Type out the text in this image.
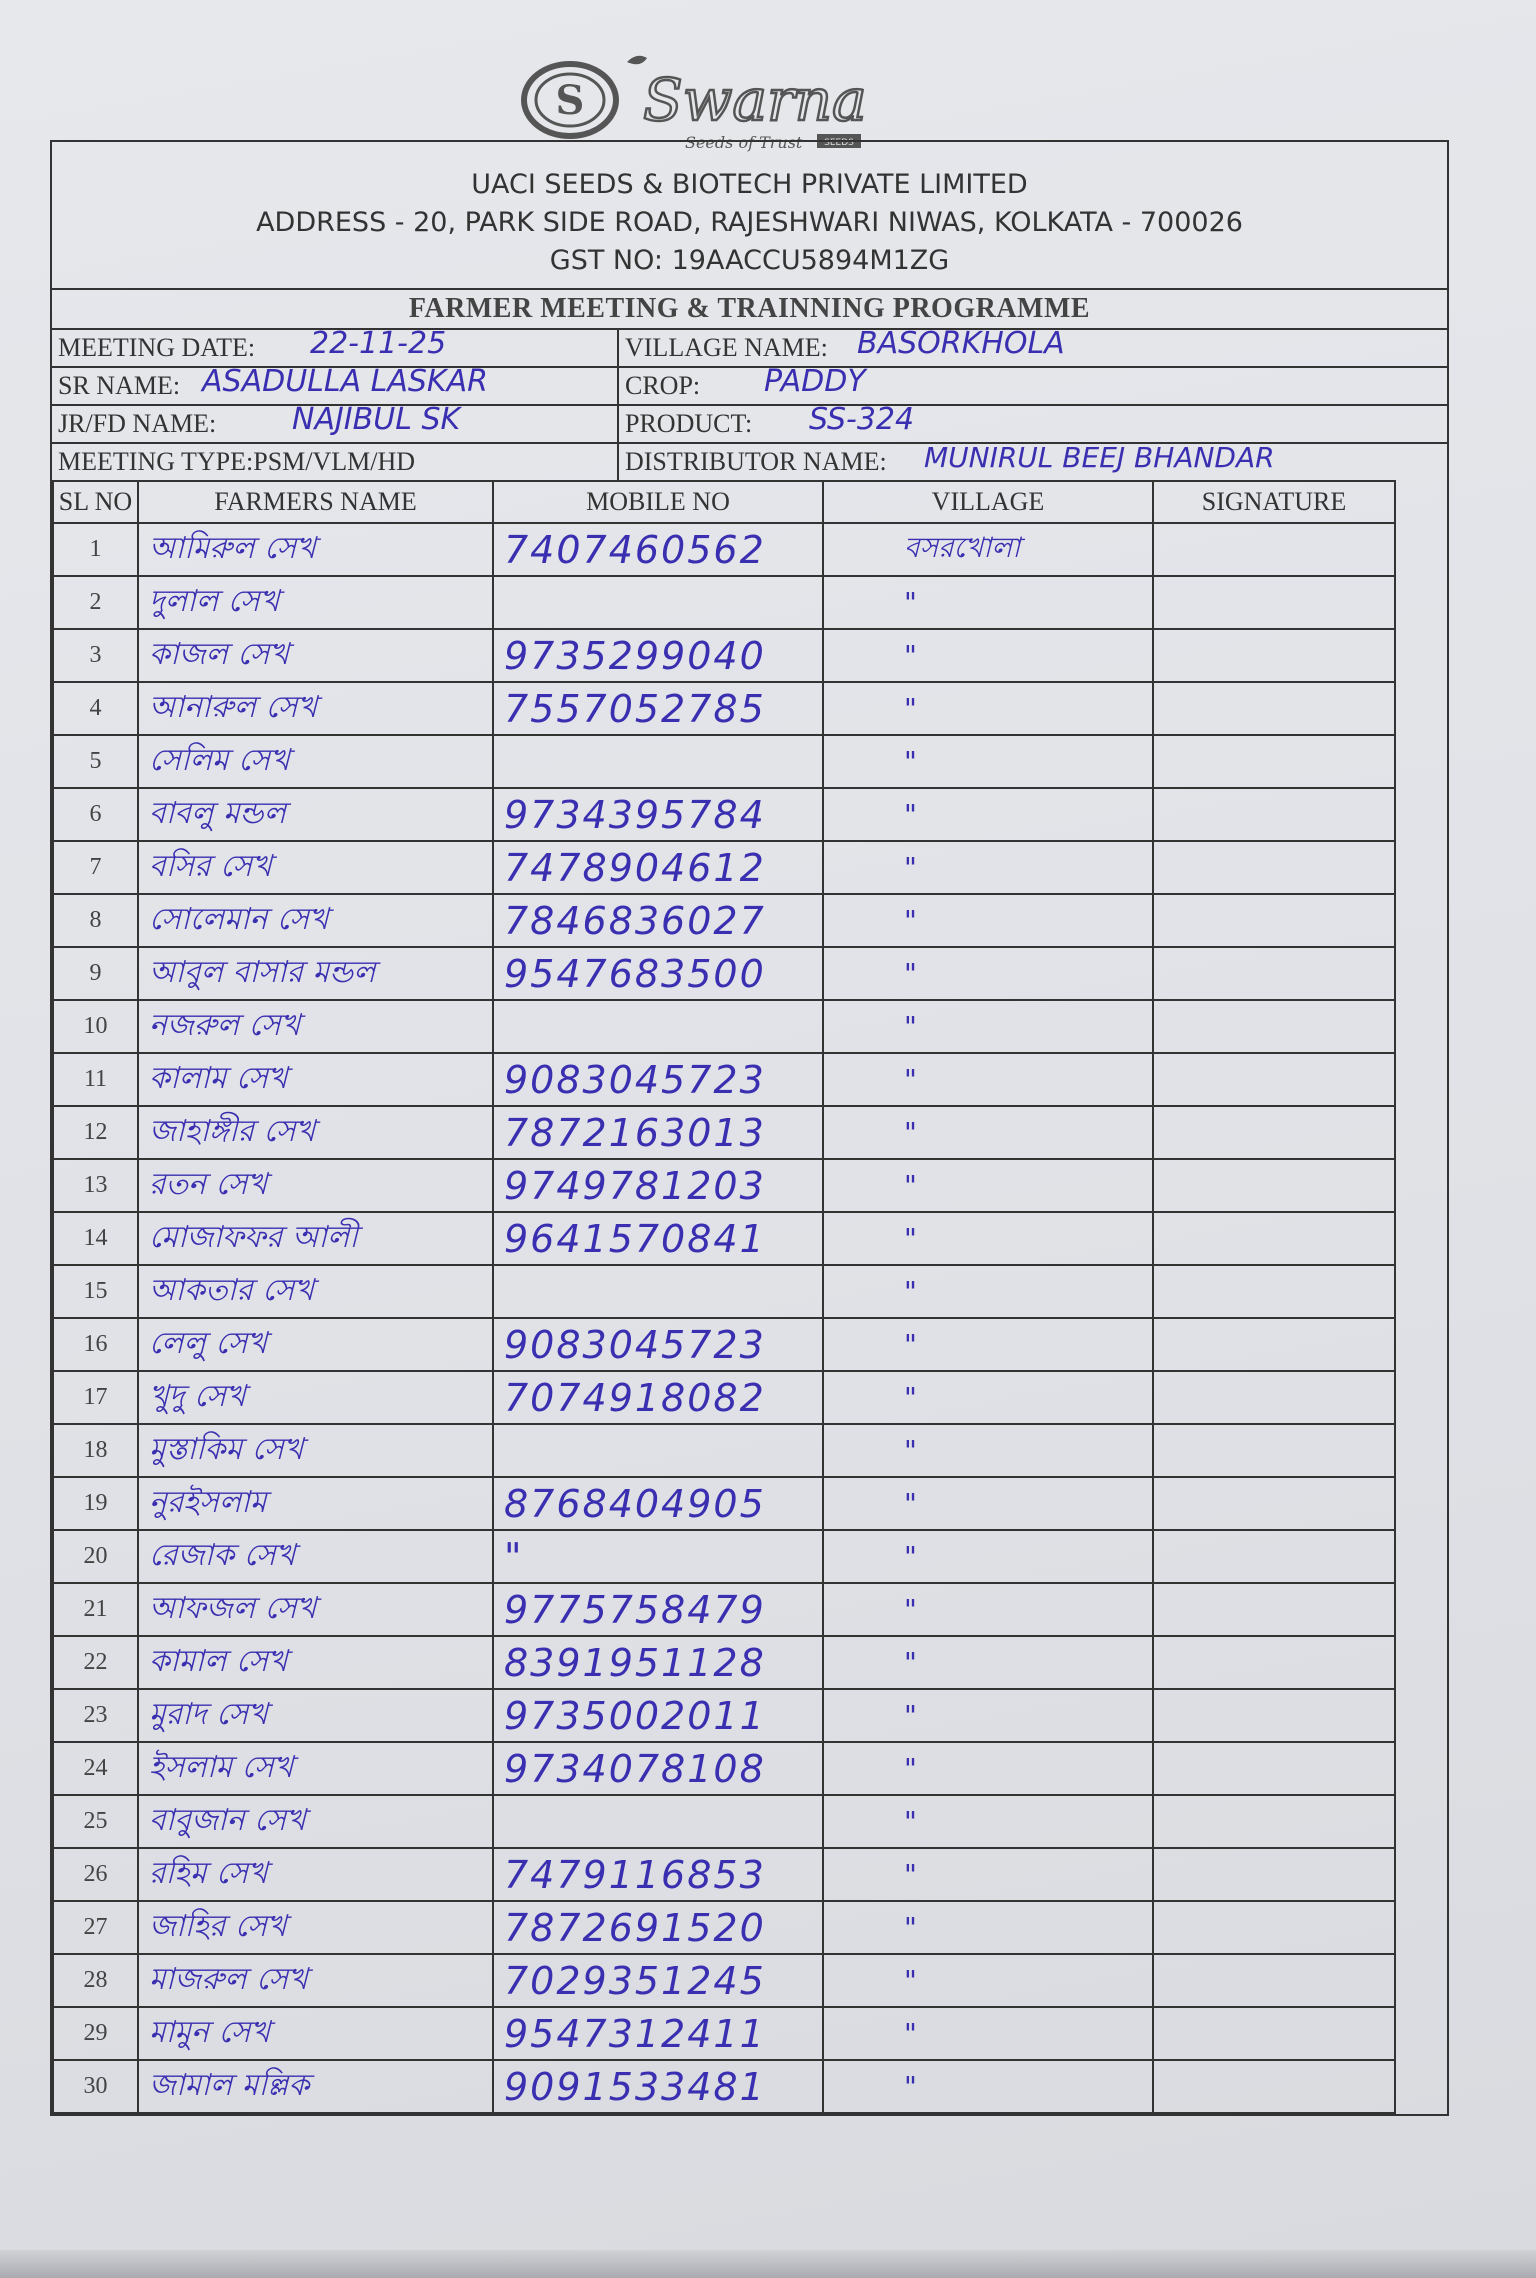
S Swarna
Seeds of Trust SEEDS
UACI SEEDS & BIOTECH PRIVATE LIMITED
ADDRESS - 20, PARK SIDE ROAD, RAJESHWARI NIWAS, KOLKATA - 700026
GST NO: 19AACCU5894M1ZG
FARMER MEETING & TRAINNING PROGRAMME
MEETING DATE: 22-11-25
SR NAME: ASADULLA LASKAR
JR/FD NAME:	NAJIBUL SK
MEETING TYPE:PSM/VLM/HD
VILLAGE NAME: BASORKHOLA
CROP: PADDY
PRODUCT: SS-324
DISTRIBUTOR NAME: MUNIRUL BEEJ BHANDAR
SL NO	FARMERS NAME	MOBILE NO	VILLAGE	SIGNATURE
1	আমিরুল সেখ	7407460562	বসরখোলা	
2	দুলাল সেখ		"	
3	কাজল সেখ	9735299040	"	
4	আনারুল সেখ	7557052785	"	
5	সেলিম সেখ		"	
6	বাবলু মন্ডল	9734395784	"	
7	বসির সেখ	7478904612	"	
8	সোলেমান সেখ	7846836027	"	
9	আবুল বাসার মন্ডল	9547683500	"	
10	নজরুল সেখ		"	
11	কালাম সেখ	9083045723	"	
12	জাহাঙ্গীর সেখ	7872163013	"	
13	রতন সেখ	9749781203	"	
14	মোজাফফর আলী	9641570841	"	
15	আকতার সেখ		"	
16	লেলু সেখ	9083045723	"	
17	খুদু সেখ	7074918082	"	
18	মুস্তাকিম সেখ		"	
19	নুরইসলাম	8768404905	"	
20	রেজাক সেখ	"	"	
21	আফজল সেখ	9775758479	"	
22	কামাল সেখ	8391951128	"	
23	মুরাদ সেখ	9735002011	"	
24	ইসলাম সেখ	9734078108	"	
25	বাবুজান সেখ		"	
26	রহিম সেখ	7479116853	"	
27	জাহির সেখ	7872691520	"	
28	মাজরুল সেখ	7029351245	"	
29	মামুন সেখ	9547312411	"	
30	জামাল মল্লিক	9091533481	"	
